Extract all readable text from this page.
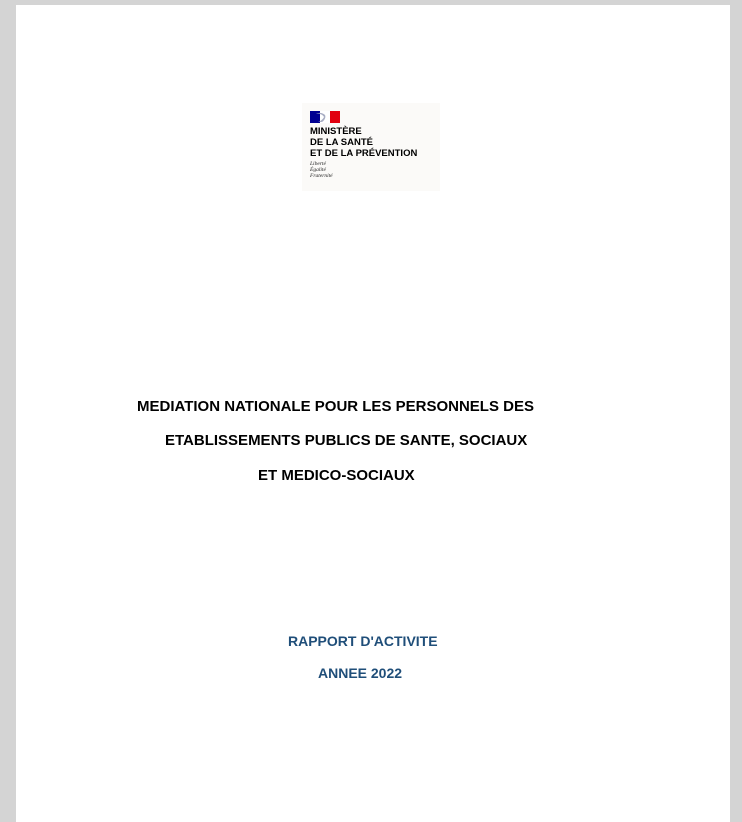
MINISTÈRE
DE LA SANTÉ
ET DE LA PRÉVENTION
Liberté
Égalité
Fraternité
MEDIATION NATIONALE POUR LES PERSONNELS DES
ETABLISSEMENTS PUBLICS DE SANTE, SOCIAUX
ET MEDICO-SOCIAUX
RAPPORT D'ACTIVITE
ANNEE 2022
